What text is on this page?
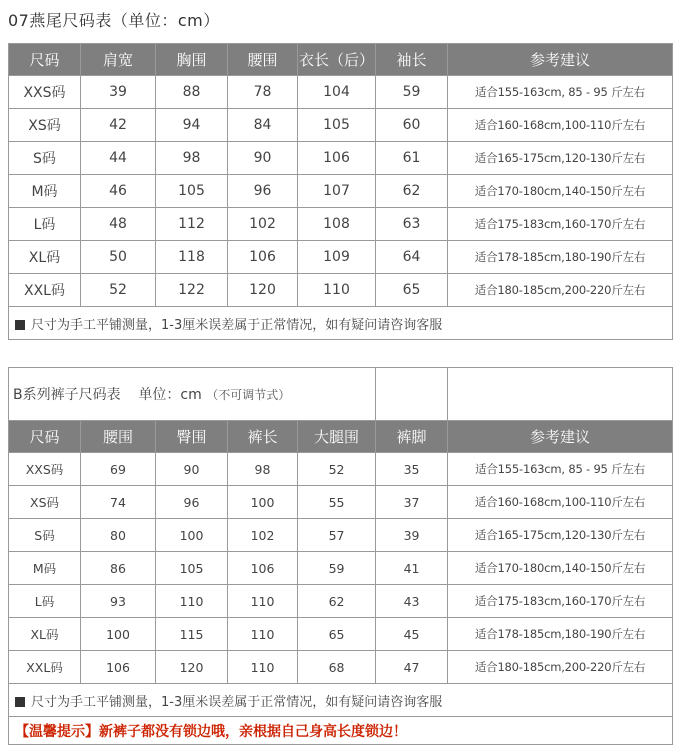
07燕尾尺码表（单位：cm）
尺码	肩宽	胸围	腰围	衣长（后）	袖长	参考建议
XXS码	39	88	78	104	59	适合155-163cm, 85 - 95 斤左右
XS码	42	94	84	105	60	适合160-168cm,100-110斤左右
S码	44	98	90	106	61	适合165-175cm,120-130斤左右
M码	46	105	96	107	62	适合170-180cm,140-150斤左右
L码	48	112	102	108	63	适合175-183cm,160-170斤左右
XL码	50	118	106	109	64	适合178-185cm,180-190斤左右
XXL码	52	122	120	110	65	适合180-185cm,200-220斤左右
尺寸为手工平铺测量，1-3厘米误差属于正常情况，如有疑问请咨询客服						
B系列裤子尺码表 单位：cm （不可调节式）						
尺码	腰围	臀围	裤长	大腿围	裤脚	参考建议
XXS码	69	90	98	52	35	适合155-163cm, 85 - 95 斤左右
XS码	74	96	100	55	37	适合160-168cm,100-110斤左右
S码	80	100	102	57	39	适合165-175cm,120-130斤左右
M码	86	105	106	59	41	适合170-180cm,140-150斤左右
L码	93	110	110	62	43	适合175-183cm,160-170斤左右
XL码	100	115	110	65	45	适合178-185cm,180-190斤左右
XXL码	106	120	110	68	47	适合180-185cm,200-220斤左右
尺寸为手工平铺测量，1-3厘米误差属于正常情况，如有疑问请咨询客服						
【温馨提示】新裤子都没有锁边哦，亲根据自己身高长度锁边！						
